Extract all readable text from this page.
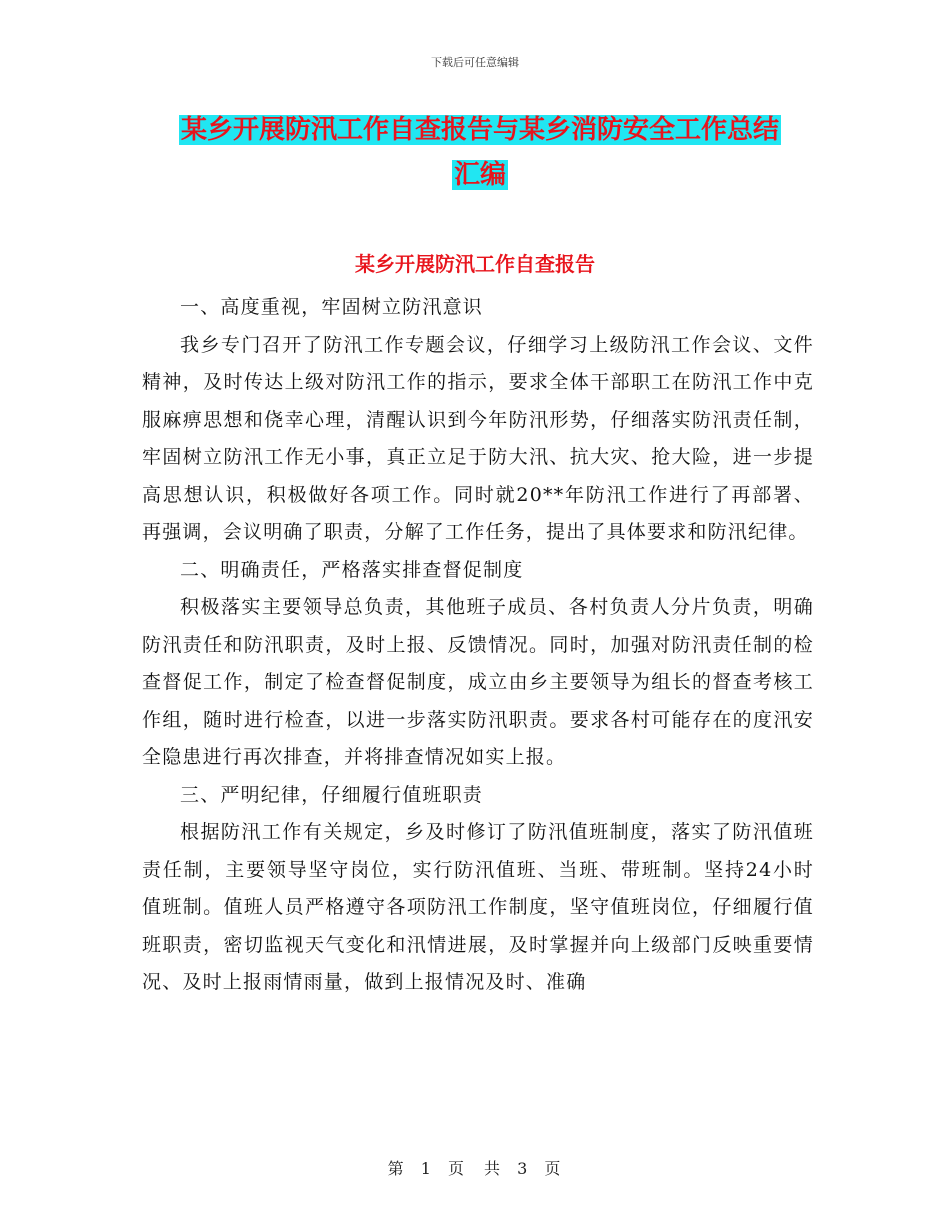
下载后可任意编辑
某乡开展防汛工作自查报告与某乡消防安全工作总结
汇编
某乡开展防汛工作自查报告

一、高度重视，牢固树立防汛意识

我乡专门召开了防汛工作专题会议，仔细学习上级防汛工作会议、文件精神，及时传达上级对防汛工作的指示，要求全体干部职工在防汛工作中克服麻痹思想和侥幸心理，清醒认识到今年防汛形势，仔细落实防汛责任制，牢固树立防汛工作无小事，真正立足于防大汛、抗大灾、抢大险，进一步提高思想认识，积极做好各项工作。同时就20**年防汛工作进行了再部署、再强调，会议明确了职责，分解了工作任务，提出了具体要求和防汛纪律。

二、明确责任，严格落实排查督促制度

积极落实主要领导总负责，其他班子成员、各村负责人分片负责，明确防汛责任和防汛职责，及时上报、反馈情况。同时，加强对防汛责任制的检查督促工作，制定了检查督促制度，成立由乡主要领导为组长的督查考核工作组，随时进行检查，以进一步落实防汛职责。要求各村可能存在的度汛安全隐患进行再次排查，并将排查情况如实上报。

三、严明纪律，仔细履行值班职责

根据防汛工作有关规定，乡及时修订了防汛值班制度，落实了防汛值班责任制，主要领导坚守岗位，实行防汛值班、当班、带班制。坚持24小时值班制。值班人员严格遵守各项防汛工作制度，坚守值班岗位，仔细履行值班职责，密切监视天气变化和汛情进展，及时掌握并向上级部门反映重要情况、及时上报雨情雨量，做到上报情况及时、准确

第 1 页　共 3 页
